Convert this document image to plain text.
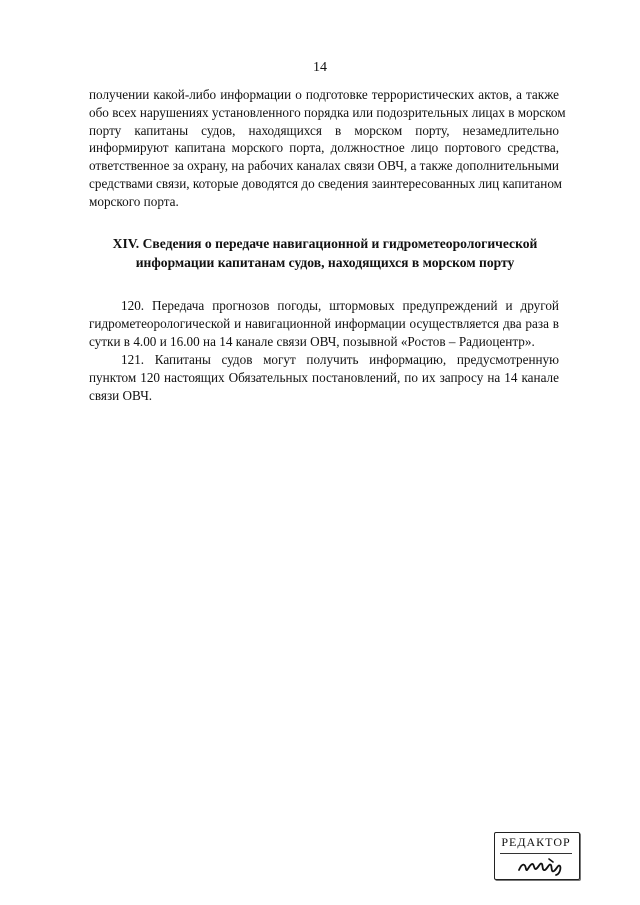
14
получении какой-либо информации о подготовке террористических актов, а также
обо всех нарушениях установленного порядка или подозрительных лицах в морском
порту капитаны судов, находящихся в морском порту, незамедлительно
информируют капитана морского порта, должностное лицо портового средства,
ответственное за охрану, на рабочих каналах связи ОВЧ, а также дополнительными
средствами связи, которые доводятся до сведения заинтересованных лиц капитаном
морского порта.
XIV. Сведения о передаче навигационной и гидрометеорологической
информации капитанам судов, находящихся в морском порту
120. Передача прогнозов погоды, штормовых предупреждений и другой
гидрометеорологической и навигационной информации осуществляется два раза в
сутки в 4.00 и 16.00 на 14 канале связи ОВЧ, позывной «Ростов – Радиоцентр».
121. Капитаны судов могут получить информацию, предусмотренную
пунктом 120 настоящих Обязательных постановлений, по их запросу на 14 канале
связи ОВЧ.
РЕДАКТОР
